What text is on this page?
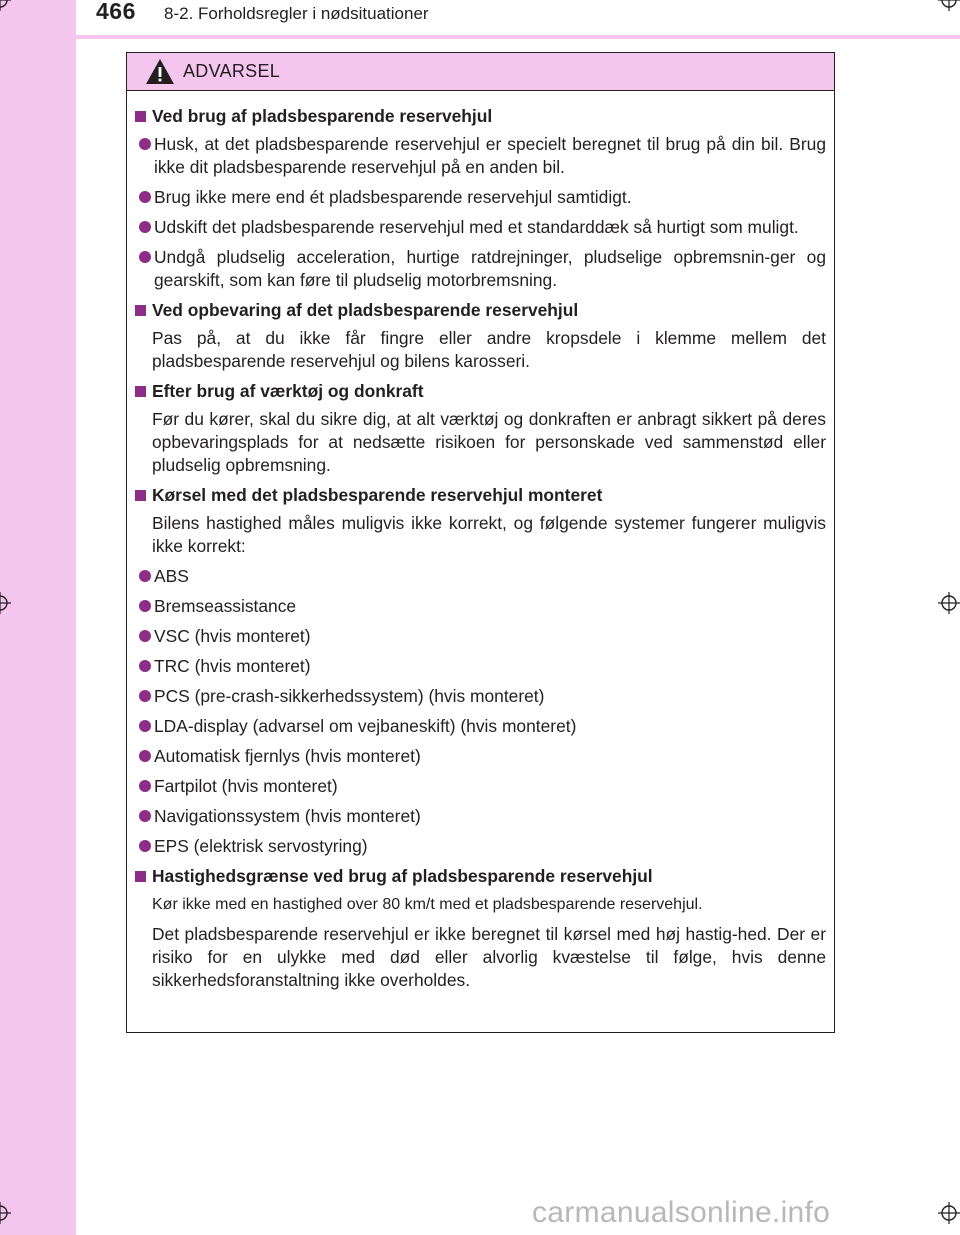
466 8-2. Forholdsregler i nødsituationer
ADVARSEL
Ved brug af pladsbesparende reservehjul
Husk, at det pladsbesparende reservehjul er specielt beregnet til brug på din bil. Brug ikke dit pladsbesparende reservehjul på en anden bil.
Brug ikke mere end ét pladsbesparende reservehjul samtidigt.
Udskift det pladsbesparende reservehjul med et standarddæk så hurtigt som muligt.
Undgå pludselig acceleration, hurtige ratdrejninger, pludselige opbremsnin-ger og gearskift, som kan føre til pludselig motorbremsning.
Ved opbevaring af det pladsbesparende reservehjul
Pas på, at du ikke får fingre eller andre kropsdele i klemme mellem det pladsbesparende reservehjul og bilens karosseri.
Efter brug af værktøj og donkraft
Før du kører, skal du sikre dig, at alt værktøj og donkraften er anbragt sikkert på deres opbevaringsplads for at nedsætte risikoen for personskade ved sammenstød eller pludselig opbremsning.
Kørsel med det pladsbesparende reservehjul monteret
Bilens hastighed måles muligvis ikke korrekt, og følgende systemer fungerer muligvis ikke korrekt:
ABS
Bremseassistance
VSC (hvis monteret)
TRC (hvis monteret)
PCS (pre-crash-sikkerhedssystem) (hvis monteret)
LDA-display (advarsel om vejbaneskift) (hvis monteret)
Automatisk fjernlys (hvis monteret)
Fartpilot (hvis monteret)
Navigationssystem (hvis monteret)
EPS (elektrisk servostyring)
Hastighedsgrænse ved brug af pladsbesparende reservehjul
Kør ikke med en hastighed over 80 km/t med et pladsbesparende reservehjul.
Det pladsbesparende reservehjul er ikke beregnet til kørsel med høj hastig-hed. Der er risiko for en ulykke med død eller alvorlig kvæstelse til følge, hvis denne sikkerhedsforanstaltning ikke overholdes.
carmanualsonline.info
